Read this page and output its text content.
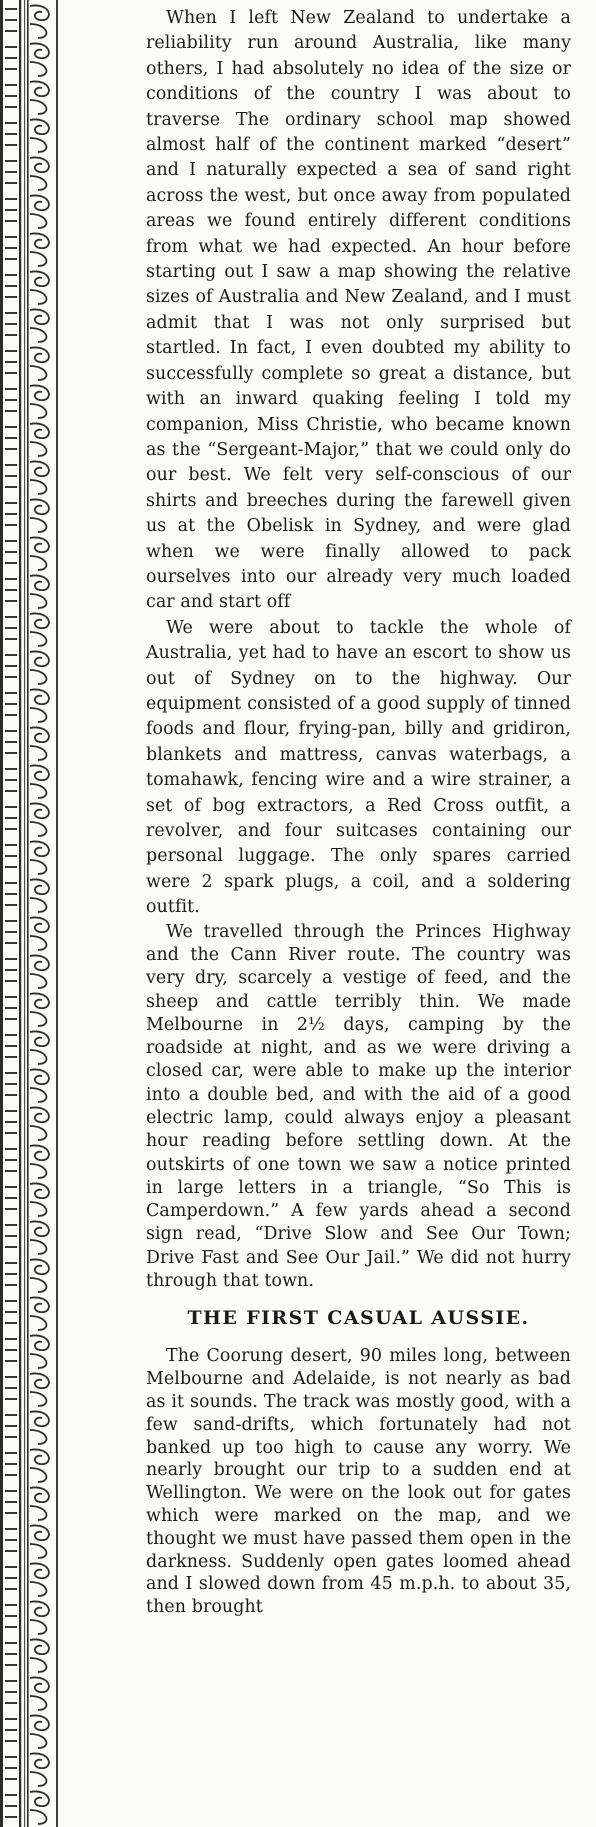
When I left New Zealand to undertake a reliability run around Australia, like many others, I had absolutely no idea of the size or conditions of the country I was about to traverse The ordinary school map showed almost half of the continent marked “desert” and I naturally expected a sea of sand right across the west, but once away from populated areas we found entirely different conditions from what we had expected. An hour before starting out I saw a map showing the relative sizes of Australia and New Zealand, and I must admit that I was not only surprised but startled. In fact, I even doubted my ability to successfully complete so great a distance, but with an inward quaking feeling I told my companion, Miss Christie, who became known as the “Sergeant-Major,” that we could only do our best. We felt very self-conscious of our shirts and breeches during the farewell given us at the Obelisk in Sydney, and were glad when we were finally allowed to pack ourselves into our already very much loaded car and start off

We were about to tackle the whole of Australia, yet had to have an escort to show us out of Sydney on to the highway. Our equipment consisted of a good supply of tinned foods and flour, frying-pan, billy and gridiron, blankets and mattress, canvas waterbags, a tomahawk, fencing wire and a wire strainer, a set of bog extractors, a Red Cross outfit, a revolver, and four suitcases containing our personal luggage. The only spares carried were 2 spark plugs, a coil, and a soldering outfit.

We travelled through the Princes Highway and the Cann River route. The country was very dry, scarcely a vestige of feed, and the sheep and cattle terribly thin. We made Melbourne in 2½ days, camping by the roadside at night, and as we were driving a closed car, were able to make up the interior into a double bed, and with the aid of a good electric lamp, could always enjoy a pleasant hour reading before settling down. At the outskirts of one town we saw a notice printed in large letters in a triangle, “So This is Camperdown.” A few yards ahead a second sign read, “Drive Slow and See Our Town; Drive Fast and See Our Jail.” We did not hurry through that town.

THE FIRST CASUAL AUSSIE.

The Coorung desert, 90 miles long, between Melbourne and Adelaide, is not nearly as bad as it sounds. The track was mostly good, with a few sand-drifts, which fortunately had not banked up too high to cause any worry. We nearly brought our trip to a sudden end at Wellington. We were on the look out for gates which were marked on the map, and we thought we must have passed them open in the darkness. Suddenly open gates loomed ahead and I slowed down from 45 m.p.h. to about 35, then brought
